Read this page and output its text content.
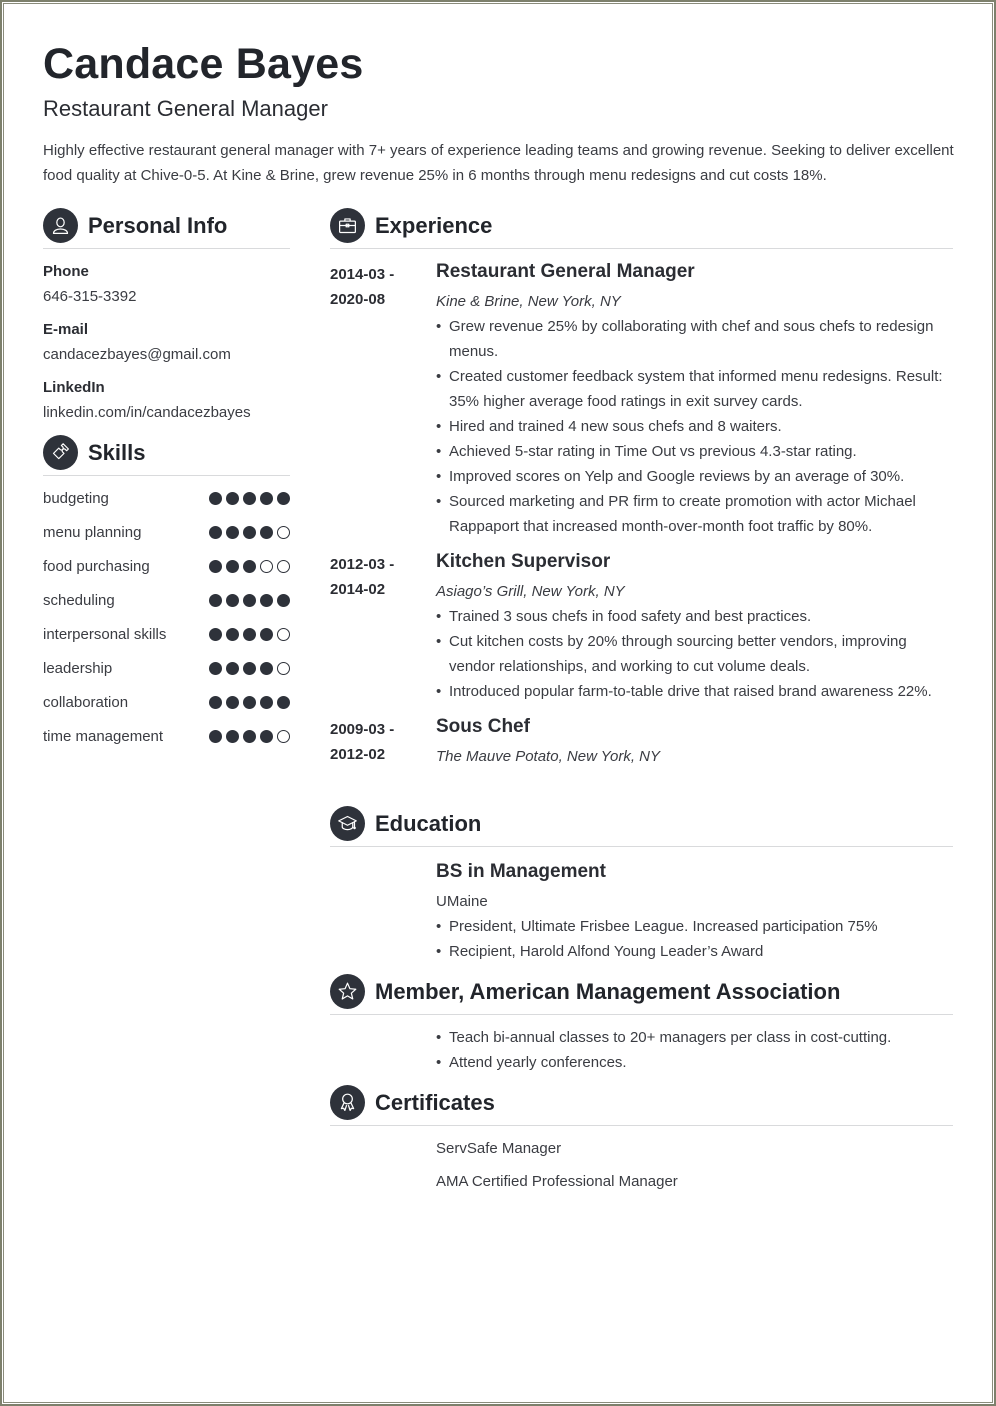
Candace Bayes
Restaurant General Manager
Highly effective restaurant general manager with 7+ years of experience leading teams and growing revenue. Seeking to deliver excellent food quality at Chive-0-5. At Kine & Brine, grew revenue 25% in 6 months through menu redesigns and cut costs 18%.
Personal Info
Phone
646-315-3392
E-mail
candacezbayes@gmail.com
LinkedIn
linkedin.com/in/candacezbayes
Skills
budgeting
menu planning
food purchasing
scheduling
interpersonal skills
leadership
collaboration
time management
Experience
2014-03 -
2020-08
Restaurant General Manager
Kine & Brine, New York, NY
• Grew revenue 25% by collaborating with chef and sous chefs to redesign menus.
• Created customer feedback system that informed menu redesigns. Result: 35% higher average food ratings in exit survey cards.
• Hired and trained 4 new sous chefs and 8 waiters.
• Achieved 5-star rating in Time Out vs previous 4.3-star rating.
• Improved scores on Yelp and Google reviews by an average of 30%.
• Sourced marketing and PR firm to create promotion with actor Michael Rappaport that increased month-over-month foot traffic by 80%.
2012-03 -
2014-02
Kitchen Supervisor
Asiago’s Grill, New York, NY
• Trained 3 sous chefs in food safety and best practices.
• Cut kitchen costs by 20% through sourcing better vendors, improving vendor relationships, and working to cut volume deals.
• Introduced popular farm-to-table drive that raised brand awareness 22%.
2009-03 -
2012-02
Sous Chef
The Mauve Potato, New York, NY
Education
BS in Management
UMaine
• President, Ultimate Frisbee League. Increased participation 75%
• Recipient, Harold Alfond Young Leader’s Award
Member, American Management Association
• Teach bi-annual classes to 20+ managers per class in cost-cutting.
• Attend yearly conferences.
Certificates
ServSafe Manager
AMA Certified Professional Manager
